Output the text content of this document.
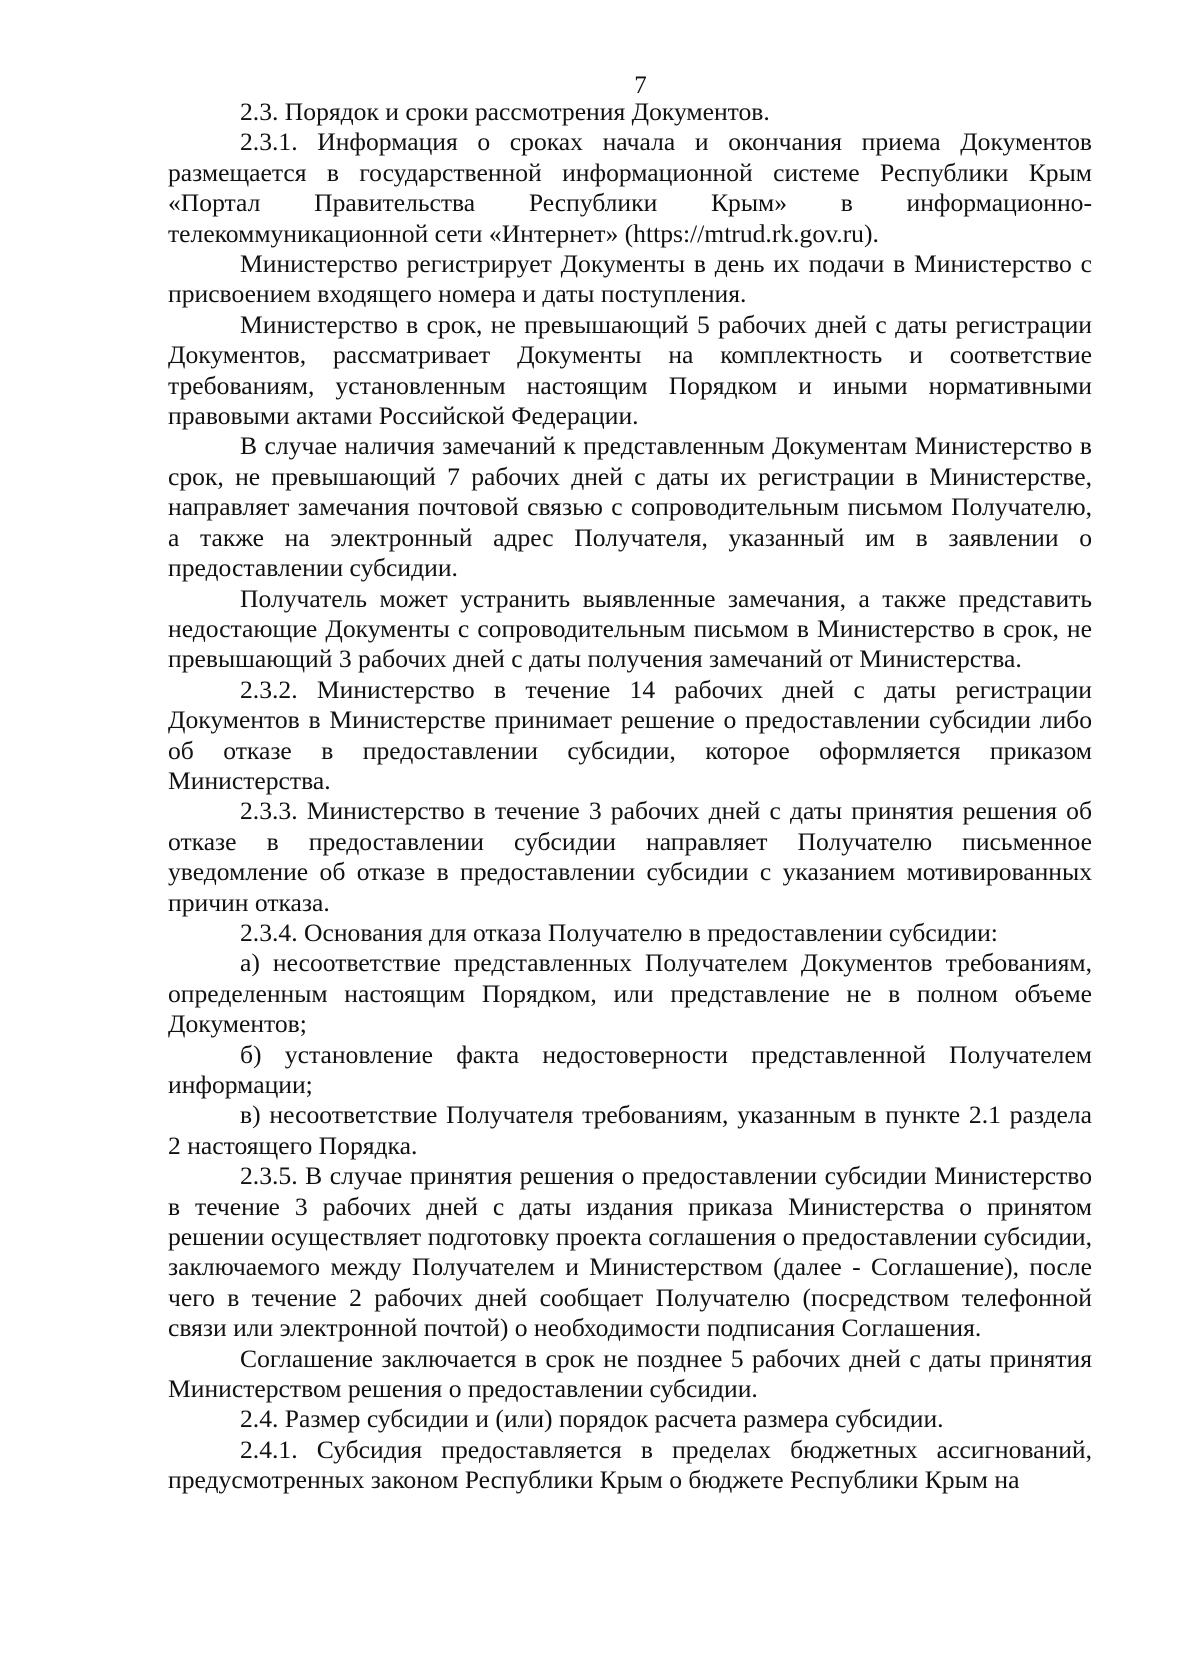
7

2.3. Порядок и сроки рассмотрения Документов.

2.3.1. Информация о сроках начала и окончания приема Документов размещается в государственной информационной системе Республики Крым «Портал Правительства Республики Крым» в информационно-телекоммуникационной сети «Интернет» (https://mtrud.rk.gov.ru).

Министерство регистрирует Документы в день их подачи в Министерство с присвоением входящего номера и даты поступления.

Министерство в срок, не превышающий 5 рабочих дней с даты регистрации Документов, рассматривает Документы на комплектность и соответствие требованиям, установленным настоящим Порядком и иными нормативными правовыми актами Российской Федерации.

В случае наличия замечаний к представленным Документам Министерство в срок, не превышающий 7 рабочих дней с даты их регистрации в Министерстве, направляет замечания почтовой связью с сопроводительным письмом Получателю, а также на электронный адрес Получателя, указанный им в заявлении о предоставлении субсидии.

Получатель может устранить выявленные замечания, а также представить недостающие Документы с сопроводительным письмом в Министерство в срок, не превышающий 3 рабочих дней с даты получения замечаний от Министерства.

2.3.2. Министерство в течение 14 рабочих дней с даты регистрации Документов в Министерстве принимает решение о предоставлении субсидии либо об отказе в предоставлении субсидии, которое оформляется приказом Министерства.

2.3.3. Министерство в течение 3 рабочих дней с даты принятия решения об отказе в предоставлении субсидии направляет Получателю письменное уведомление об отказе в предоставлении субсидии с указанием мотивированных причин отказа.

2.3.4. Основания для отказа Получателю в предоставлении субсидии:

а) несоответствие представленных Получателем Документов требованиям, определенным настоящим Порядком, или представление не в полном объеме Документов;

б) установление факта недостоверности представленной Получателем информации;

в) несоответствие Получателя требованиям, указанным в пункте 2.1 раздела 2 настоящего Порядка.

2.3.5. В случае принятия решения о предоставлении субсидии Министерство в течение 3 рабочих дней с даты издания приказа Министерства о принятом решении осуществляет подготовку проекта соглашения о предоставлении субсидии, заключаемого между Получателем и Министерством (далее - Соглашение), после чего в течение 2 рабочих дней сообщает Получателю (посредством телефонной связи или электронной почтой) о необходимости подписания Соглашения.

Соглашение заключается в срок не позднее 5 рабочих дней с даты принятия Министерством решения о предоставлении субсидии.

2.4. Размер субсидии и (или) порядок расчета размера субсидии.

2.4.1. Субсидия предоставляется в пределах бюджетных ассигнований, предусмотренных законом Республики Крым о бюджете Республики Крым на
